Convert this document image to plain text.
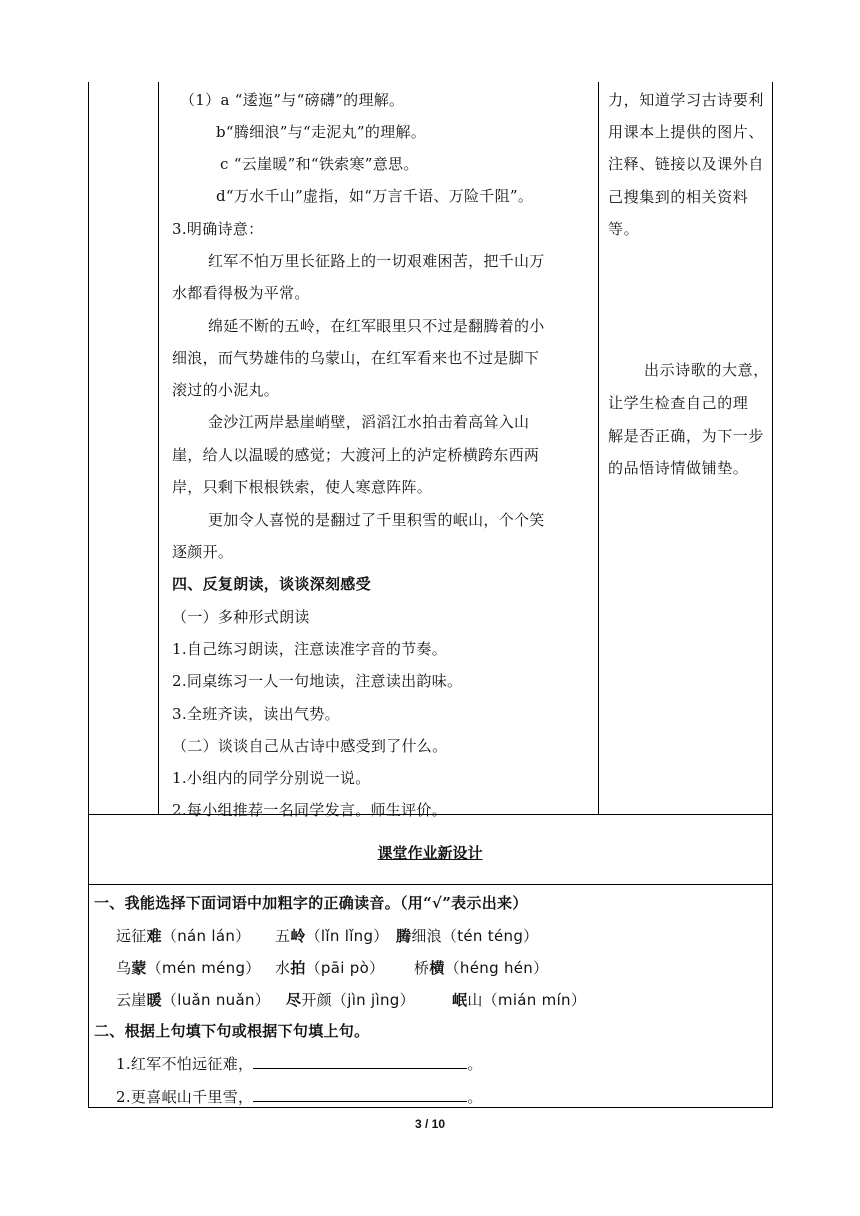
（1）a “逶迤”与“磅礴”的理解。
b“腾细浪”与“走泥丸”的理解。
c “云崖暖”和“铁索寒”意思。
d“万水千山”虚指，如“万言千语、万险千阻”。
3.明确诗意：
红军不怕万里长征路上的一切艰难困苦，把千山万
水都看得极为平常。
绵延不断的五岭，在红军眼里只不过是翻腾着的小
细浪，而气势雄伟的乌蒙山，在红军看来也不过是脚下
滚过的小泥丸。
金沙江两岸悬崖峭壁，滔滔江水拍击着高耸入山
崖，给人以温暖的感觉；大渡河上的泸定桥横跨东西两
岸，只剩下根根铁索，使人寒意阵阵。
更加令人喜悦的是翻过了千里积雪的岷山，个个笑
逐颜开。
四、反复朗读，谈谈深刻感受
（一）多种形式朗读
1.自己练习朗读，注意读准字音的节奏。
2.同桌练习一人一句地读，注意读出韵味。
3.全班齐读，读出气势。
（二）谈谈自己从古诗中感受到了什么。
1.小组内的同学分别说一说。
2.每小组推荐一名同学发言。师生评价。
力，知道学习古诗要利
用课本上提供的图片、
注释、链接以及课外自
己搜集到的相关资料
等。
出示诗歌的大意，
让学生检查自己的理
解是否正确，为下一步
的品悟诗情做铺垫。
课堂作业新设计
一、我能选择下面词语中加粗字的正确读音。（用“√”表示出来）
远征难（nán lán） 五岭（lǐn lǐng） 腾细浪（tén téng）
乌蒙（mén méng） 水拍（pāi pò） 桥横（héng hén）
云崖暖（luǎn nuǎn） 尽开颜（jìn jìng） 岷山（mián mín）
二、根据上句填下句或根据下句填上句。
1.红军不怕远征难，	。
2.更喜岷山千里雪，	。
3 / 10
